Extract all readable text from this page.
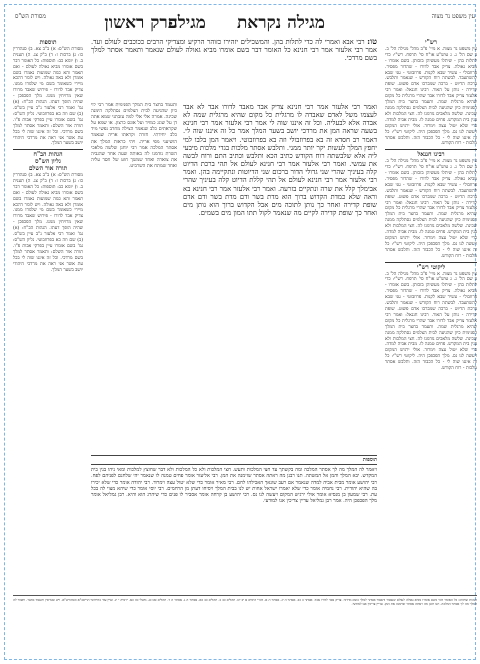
עין משפט נר מצוה
פרק ראשון	מגילה נקראת
מגילה
מסורת הש"ס
רש"י
עין משפט נר מצוה. א מיי' פ"ב מהל' מגילה הל' ב. ב שם הל' ג. ג טוש"ע או"ח סי' תרפח. רש"י: כדי לתלות בהן - שיתלו מעשיהן בזכותן. בשם אומרו - מביא גאולה. צדיק אבד לדורו - שהדור מפסיד. פרוזבולי - עשיר שבא לקנות. פרוזבוטי - עני שבא להשתעבד. לבשתה רוח הקודש - שנאמר ותלבש. ברכת הדיוט - ברכה שמברכו אדם פשוט. שופת קדירה - נותן על האור. רבינו חננאל: ואמר רבי אלעזר צדיק אבד לדורו אבד שהרי מרגלית כל מקום שהיא מרגלית שמה. ותעמד בחצר בית המלך הפנימית כיון שהגיעה לבית הצלמים נסתלקה ממנה שכינה. שלשה מלאכים נזדמנו לה. חצי המלכות ולא בנין בית המקדש. פחים טמנה לו. מבית אביה למדה. כדי שלא יטול עצה וימרוד. אולי ירגיש המקום ויעשה לנו נס. מלך הפכפכן היה. ליקוטי רש"י: כל זה איננו שוה לי - כל הכבוד הזה. ותלבש אסתר מלכות - רוח הקודש.
רבינו חננאל
עין משפט נר מצוה. א מיי' פ"ב מהל' מגילה הל' ב. ב שם הל' ג. ג טוש"ע או"ח סי' תרפח. רש"י: כדי לתלות בהן - שיתלו מעשיהן בזכותן. בשם אומרו - מביא גאולה. צדיק אבד לדורו - שהדור מפסיד. פרוזבולי - עשיר שבא לקנות. פרוזבוטי - עני שבא להשתעבד. לבשתה רוח הקודש - שנאמר ותלבש. ברכת הדיוט - ברכה שמברכו אדם פשוט. שופת קדירה - נותן על האור. רבינו חננאל: ואמר רבי אלעזר צדיק אבד לדורו אבד שהרי מרגלית כל מקום שהיא מרגלית שמה. ותעמד בחצר בית המלך הפנימית כיון שהגיעה לבית הצלמים נסתלקה ממנה שכינה. שלשה מלאכים נזדמנו לה. חצי המלכות ולא בנין בית המקדש. פחים טמנה לו. מבית אביה למדה. כדי שלא יטול עצה וימרוד. אולי ירגיש המקום ויעשה לנו נס. מלך הפכפכן היה. ליקוטי רש"י: כל זה איננו שוה לי - כל הכבוד הזה. ותלבש אסתר מלכות - רוח הקודש.
ליקוטי רש"י
עין משפט נר מצוה. א מיי' פ"ב מהל' מגילה הל' ב. ב שם הל' ג. ג טוש"ע או"ח סי' תרפח. רש"י: כדי לתלות בהן - שיתלו מעשיהן בזכותן. בשם אומרו - מביא גאולה. צדיק אבד לדורו - שהדור מפסיד. פרוזבולי - עשיר שבא לקנות. פרוזבוטי - עני שבא להשתעבד. לבשתה רוח הקודש - שנאמר ותלבש. ברכת הדיוט - ברכה שמברכו אדם פשוט. שופת קדירה - נותן על האור. רבינו חננאל: ואמר רבי אלעזר צדיק אבד לדורו אבד שהרי מרגלית כל מקום שהיא מרגלית שמה. ותעמד בחצר בית המלך הפנימית כיון שהגיעה לבית הצלמים נסתלקה ממנה שכינה. שלשה מלאכים נזדמנו לה. חצי המלכות ולא בנין בית המקדש. פחים טמנה לו. מבית אביה למדה. כדי שלא יטול עצה וימרוד. אולי ירגיש המקום ויעשה לנו נס. מלך הפכפכן היה. ליקוטי רש"י: כל זה איננו שוה לי - כל הכבוד הזה. ותלבש אסתר מלכות - רוח הקודש.
טו: רבי אבא ואמרי לה כדי לתלות בהן. והמשכילים יזהירו כזוהר הרקיע ומצדיקי הרבים ככוכבים לעולם ועד. אמר רבי אלעזר אמר רבי חנינא כל האומר דבר בשם אומרו מביא גאולה לעולם שנאמר ותאמר אסתר למלך בשם מרדכי.
ואמר רבי אלעזר אמר רבי חנינא צדיק אבד מאבד לדורו אבד לא אבד לעצמו משל לאדם שאבדה לו מרגלית כל מקום שהיא מרגלית שמה לא אבדה אלא לבעליה. וכל זה איננו שוה לי אמר רבי אלעזר אמר רבי חנינא בשעה שראה המן את מרדכי יושב בשער המלך אמר כל זה איננו שוה לי. דאמר רב חסדא זה בא בפרוזבולי וזה בא בפרוזבוטי. ויאמר המן בלבו למי יחפץ המלך לעשות יקר יותר ממני. ותלבש אסתר מלכות בגדי מלכות מיבעי ליה אלא שלבשתה רוח הקודש כתיב הכא ותלבש וכתיב התם ורוח לבשה את עמשי. ואמר רבי אלעזר אמר רבי חנינא לעולם אל תהי ברכת הדיוט קלה בעיניך שהרי שני גדולי הדור ברכום שני הדיוטות ונתקיימה בהן. ואמר רבי אלעזר אמר רבי חנינא לעולם אל תהי קללת הדיוט קלה בעיניך שהרי אבימלך קלל את שרה ונתקיים בזרעה. ואמר רבי אלעזר אמר רבי חנינא בא וראה שלא כמדת הקדוש ברוך הוא מדת בשר ודם מדת בשר ודם אדם שופת קדירה ואחר כך נותן לתוכה מים אבל הקדוש ברוך הוא נותן מים ואחר כך שופת קדירה לקיים מה שנאמר לקול תתו המון מים בשמים.
ותעמד בחצר בית המלך הפנימית אמר רבי לוי כיון שהגיעה לבית הצלמים נסתלקה הימנה שכינה. אמרה אלי אלי למה עזבתני שמא אתה דן על שוגג כמזיד ועל אונס כרצון. או שמא על שקראתים כלב שנאמר הצילה מחרב נפשי מיד כלב יחידתי. חזרה וקראתו אריה שנאמר הושיעני מפי אריה. ויהי כראות המלך את אסתר המלכה אמר רבי יוחנן שלשה מלאכי השרת נזדמנו לה באותה שעה אחד שהגביה את צוארה ואחד שמשך חוט של חסד עליה ואחד שמתח את השרביט.
תוספות
ויאמר לה המלך מה לך אסתר המלכה ומה בקשתך עד חצי המלכות ותעש. חצי המלכות ולא כל המלכות ולא דבר שחוצץ למלכות ומאי ניהו בנין בית המקדש. יבא המלך והמן אל המשתה. תנו רבנן מה ראתה אסתר שזימנה את המן. רבי אליעזר אומר פחים טמנה לו שנאמר יהי שלחנם לפניהם לפח. רבי יהושע אומר מבית אביה למדה שנאמר אם רעב שונאך האכילהו לחם. רבי מאיר אומר כדי שלא יטול עצה וימרוד. רבי יהודה אומר כדי שלא יכירו בה שהיא יהודית. רבי נחמיה אומר כדי שלא יאמרו ישראל אחות יש לנו בבית המלך ויסיחו דעתן מן הרחמים. רבי יוסי אומר כדי שיהא מצוי לה בכל עת. רבי שמעון בן מנסיא אומר אולי ירגיש המקום ויעשה לנו נס. רבי יהושע בן קרחה אומר אסביר לו פנים כדי שיהרג הוא והיא. רבן גמליאל אומר מלך הפכפכן היה. אמר רבן גמליאל עדיין צריכין אנו למודעי.
תוספות
מסורת הש"ס: א) ב"ב צא. ב) סנהדרין כו: ג) ברכות ז: ד) ב"ק צג. ה) תענית ב. ו) יומא כב: תוספות: כל האומר דבר בשם אומרו מביא גאולה לעולם - ואם תאמר והא כמה שמועות נאמרו בשם אומרן ולא באה גאולה. ויש לומר דהכא מיירי כשאומר בשם מי שלמדו ממנו. צדיק אבד לדורו - פירוש שאבד מדורו שאין מרויחין ממנו. מלך הפכפכן - שהיה הופך דעתו. הגהות הב"ח: (א) גמ' ואמר רבי אלעזר נ"ב עיין בש"ס. (ב) שם וזה בא בפרוזבוטי. גליון הש"ס: גמ' בשם אומרו עיין בפרקי אבות פ"ו. תורה אור השלם: ותאמר אסתר למלך בשם מרדכי. וכל זה איננו שוה לי בכל עת אשר אני ראה את מרדכי היהודי יושב בשער המלך.
הגהות הב"ח
גליון הש"ס
תורה אור השלם
מסורת הש"ס: א) ב"ב צא. ב) סנהדרין כו: ג) ברכות ז: ד) ב"ק צג. ה) תענית ב. ו) יומא כב: תוספות: כל האומר דבר בשם אומרו מביא גאולה לעולם - ואם תאמר והא כמה שמועות נאמרו בשם אומרן ולא באה גאולה. ויש לומר דהכא מיירי כשאומר בשם מי שלמדו ממנו. צדיק אבד לדורו - פירוש שאבד מדורו שאין מרויחין ממנו. מלך הפכפכן - שהיה הופך דעתו. הגהות הב"ח: (א) גמ' ואמר רבי אלעזר נ"ב עיין בש"ס. (ב) שם וזה בא בפרוזבוטי. גליון הש"ס: גמ' בשם אומרו עיין בפרקי אבות פ"ו. תורה אור השלם: ותאמר אסתר למלך בשם מרדכי. וכל זה איננו שוה לי בכל עת אשר אני ראה את מרדכי היהודי יושב בשער המלך.
הגהות וציונים: כל האומר דבר בשם אומרו מביא גאולה לעולם שנאמר ותאמר אסתר למלך בשם מרדכי. צדיק אבד לדורו אבד. אסתר ב כב. אסתר ה יג. אסתר ה א. דברי הימים א יב יט. תהלים כב ב. תהלים כב כא. אסתר ה ג. אסתר ה ד. תהלים סט כג. משלי כה כא. ירמיה י יג. ועיין עוד בחידושי הריטב"א ובמהרש"א. ויש שגורסין ותעמד בחצר. ויאמר לה המלך מה לך אסתר המלכה. תנו רבנן מה ראתה אסתר שזימנה את המן. עדיין צריכין אנו למודעי.
